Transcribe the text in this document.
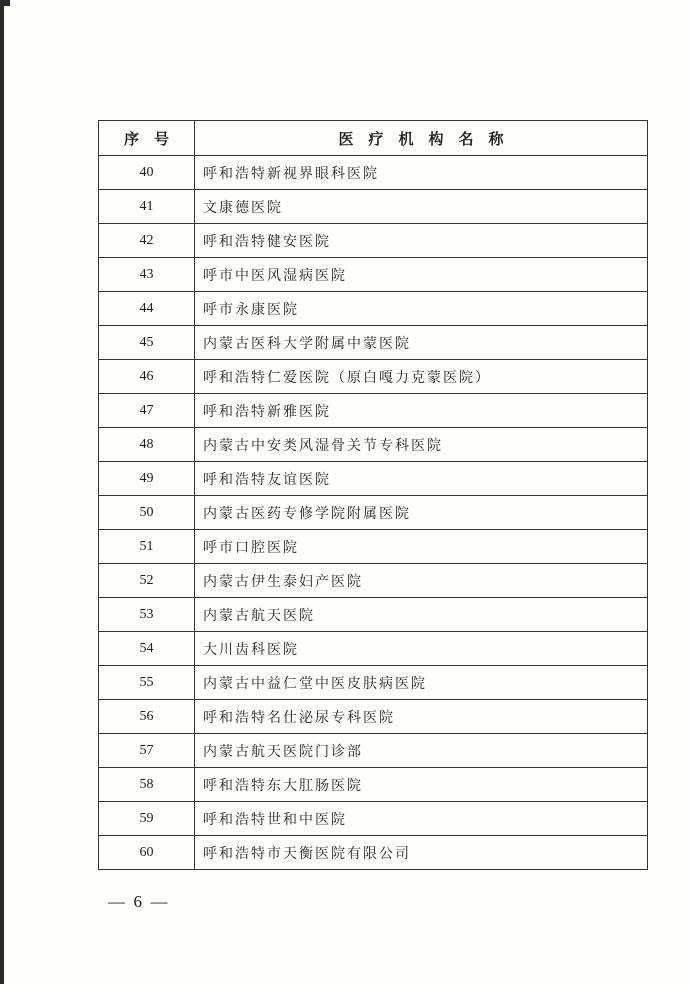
序　号	医　疗　机　构　名　称
40	呼和浩特新视界眼科医院
41	文康德医院
42	呼和浩特健安医院
43	呼市中医风湿病医院
44	呼市永康医院
45	内蒙古医科大学附属中蒙医院
46	呼和浩特仁爱医院（原白嘎力克蒙医院）
47	呼和浩特新雅医院
48	内蒙古中安类风湿骨关节专科医院
49	呼和浩特友谊医院
50	内蒙古医药专修学院附属医院
51	呼市口腔医院
52	内蒙古伊生泰妇产医院
53	内蒙古航天医院
54	大川齿科医院
55	内蒙古中益仁堂中医皮肤病医院
56	呼和浩特名仕泌尿专科医院
57	内蒙古航天医院门诊部
58	呼和浩特东大肛肠医院
59	呼和浩特世和中医院
60	呼和浩特市天衡医院有限公司
—  6  —
